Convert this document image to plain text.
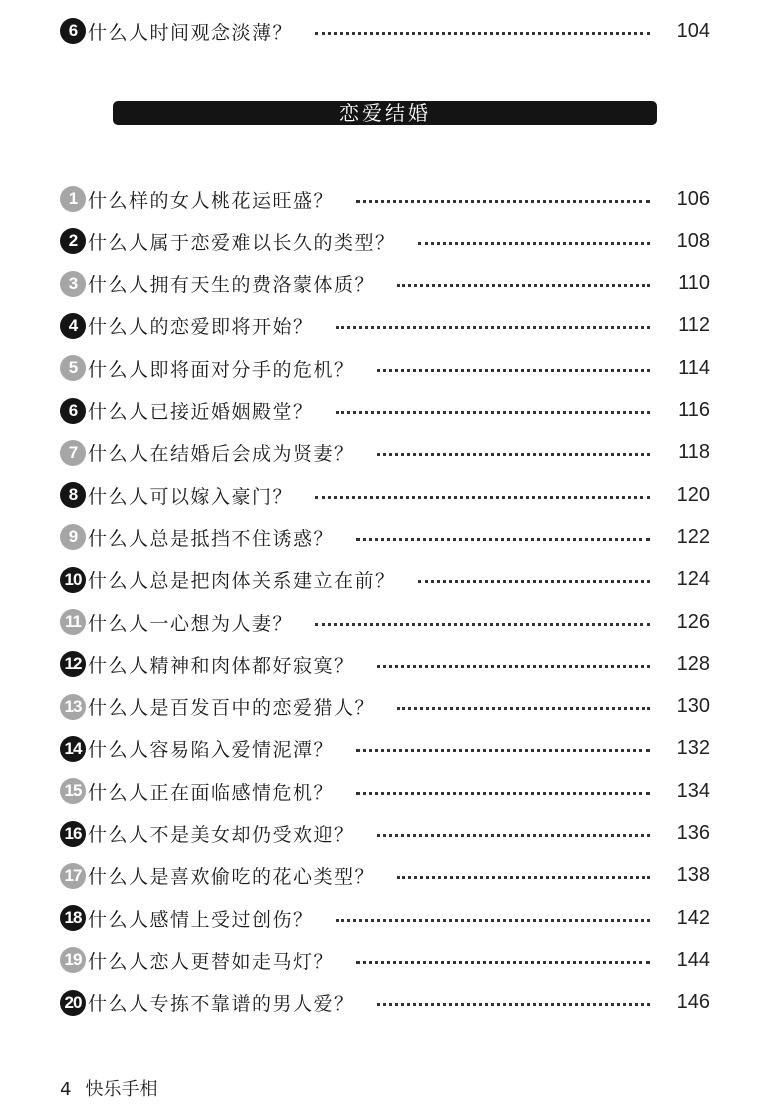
6 什么人时间观念淡薄？	104
恋爱结婚
1 什么样的女人桃花运旺盛？	106
2 什么人属于恋爱难以长久的类型？	108
3 什么人拥有天生的费洛蒙体质？	110
4 什么人的恋爱即将开始？	112
5 什么人即将面对分手的危机？	114
6 什么人已接近婚姻殿堂？	116
7 什么人在结婚后会成为贤妻？	118
8 什么人可以嫁入豪门？	120
9 什么人总是抵挡不住诱惑？	122
10 什么人总是把肉体关系建立在前？	124
11 什么人一心想为人妻？	126
12 什么人精神和肉体都好寂寞？	128
13 什么人是百发百中的恋爱猎人？	130
14 什么人容易陷入爱情泥潭？	132
15 什么人正在面临感情危机？	134
16 什么人不是美女却仍受欢迎？	136
17 什么人是喜欢偷吃的花心类型？	138
18 什么人感情上受过创伤？	142
19 什么人恋人更替如走马灯？	144
20 什么人专拣不靠谱的男人爱？	146
4 快乐手相
